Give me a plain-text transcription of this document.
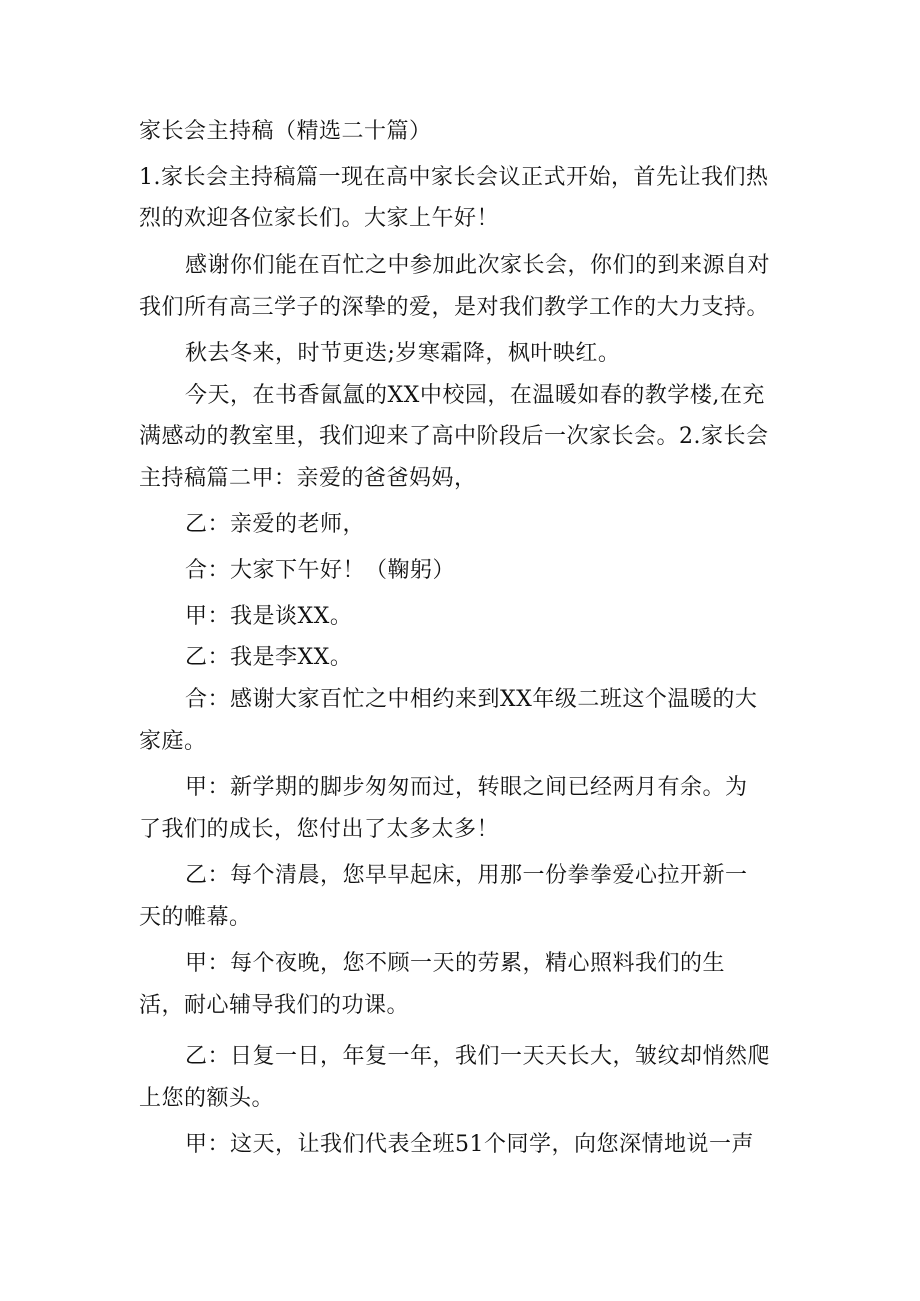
家长会主持稿（精选二十篇）
1.家长会主持稿篇一现在高中家长会议正式开始，首先让我们热
烈的欢迎各位家长们。大家上午好！
感谢你们能在百忙之中参加此次家长会，你们的到来源自对
我们所有高三学子的深挚的爱，是对我们教学工作的大力支持。
秋去冬来，时节更迭;岁寒霜降，枫叶映红。
今天，在书香氤氲的XX中校园，在温暖如春的教学楼,在充
满感动的教室里，我们迎来了高中阶段后一次家长会。2.家长会
主持稿篇二甲：亲爱的爸爸妈妈，
乙：亲爱的老师，
合：大家下午好！（鞠躬）
甲：我是谈XX。
乙：我是李XX。
合：感谢大家百忙之中相约来到XX年级二班这个温暖的大
家庭。
甲：新学期的脚步匆匆而过，转眼之间已经两月有余。为
了我们的成长，您付出了太多太多！
乙：每个清晨，您早早起床，用那一份拳拳爱心拉开新一
天的帷幕。
甲：每个夜晚，您不顾一天的劳累，精心照料我们的生
活，耐心辅导我们的功课。
乙：日复一日，年复一年，我们一天天长大，皱纹却悄然爬
上您的额头。
甲：这天，让我们代表全班51个同学，向您深情地说一声
